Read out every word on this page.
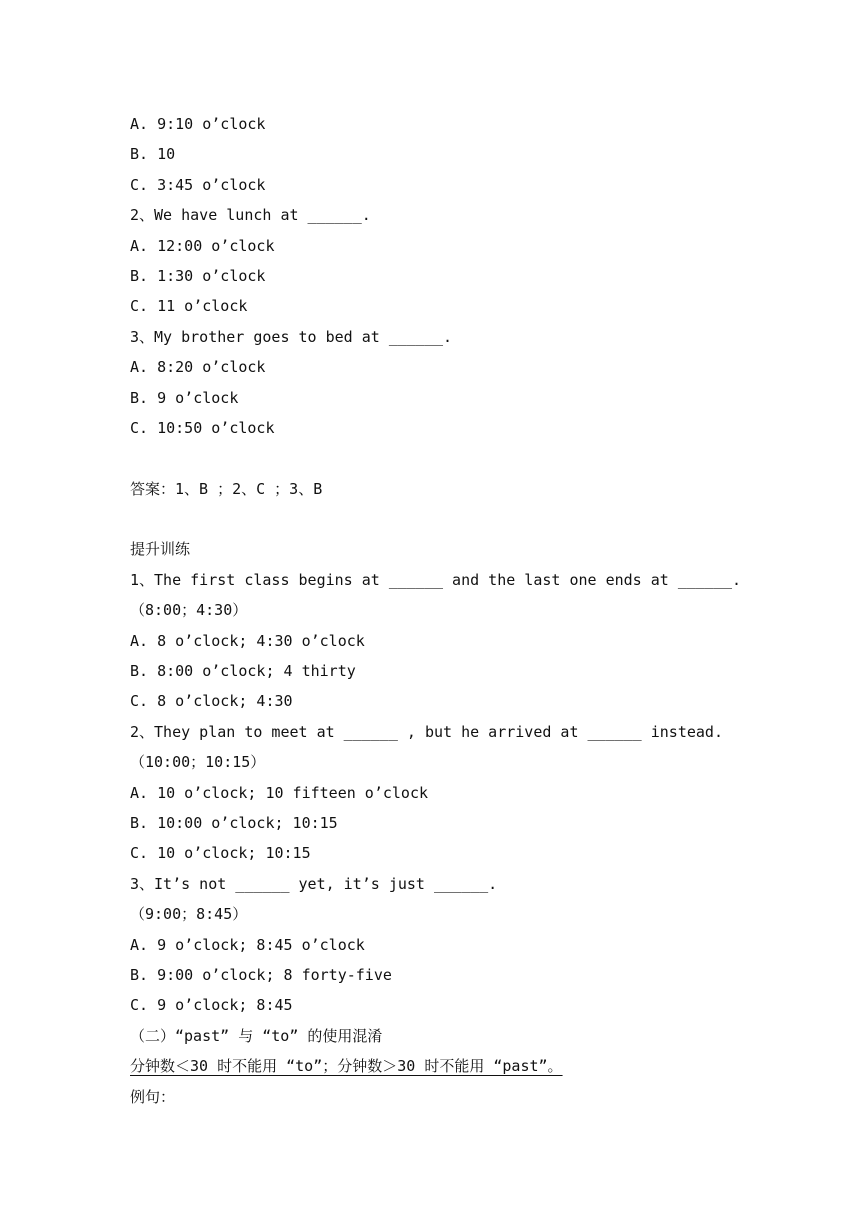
A. 9:10 o’clock
B. 10
C. 3:45 o’clock
2、We have lunch at ______.
A. 12:00 o’clock
B. 1:30 o’clock
C. 11 o’clock
3、My brother goes to bed at ______.
A. 8:20 o’clock
B. 9 o’clock
C. 10:50 o’clock
答案：1、B ；2、C ；3、B
提升训练
1、The first class begins at ______ and the last one ends at ______.
（8:00；4:30）
A. 8 o’clock; 4:30 o’clock
B. 8:00 o’clock; 4 thirty
C. 8 o’clock; 4:30
2、They plan to meet at ______ , but he arrived at ______ instead.
（10:00；10:15）
A. 10 o’clock; 10 fifteen o’clock
B. 10:00 o’clock; 10:15
C. 10 o’clock; 10:15
3、It’s not ______ yet, it’s just ______.
（9:00；8:45）
A. 9 o’clock; 8:45 o’clock
B. 9:00 o’clock; 8 forty-five
C. 9 o’clock; 8:45
（二）“past” 与 “to” 的使用混淆
分钟数＜30 时不能用 “to”；分钟数＞30 时不能用 “past”。
例句：
